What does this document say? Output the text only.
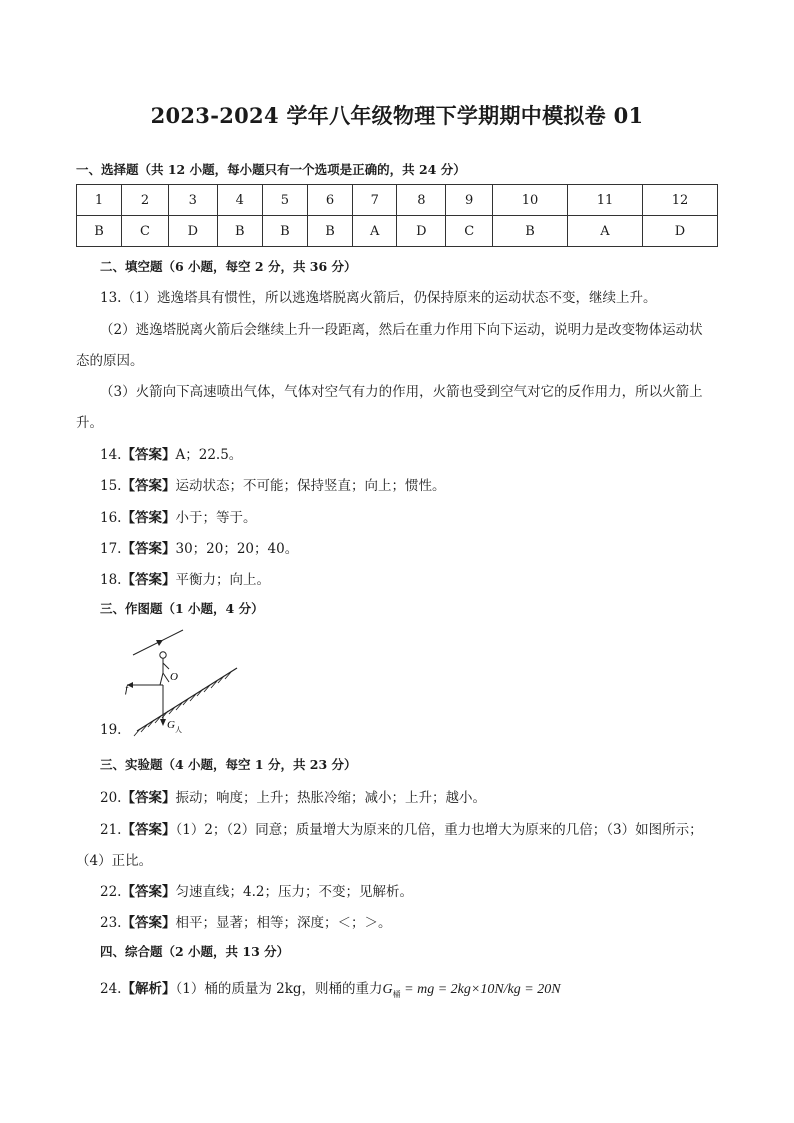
2023-2024 学年八年级物理下学期期中模拟卷 01
一、选择题（共 12 小题，每小题只有一个选项是正确的，共 24 分）
1	2	3	4	5	6	7	8	9	10	11	12
B	C	D	B	B	B	A	D	C	B	A	D
二、填空题（6 小题，每空 2 分，共 36 分）
13.（1）逃逸塔具有惯性，所以逃逸塔脱离火箭后，仍保持原来的运动状态不变，继续上升。
（2）逃逸塔脱离火箭后会继续上升一段距离，然后在重力作用下向下运动，说明力是改变物体运动状
态的原因。
（3）火箭向下高速喷出气体，气体对空气有力的作用，火箭也受到空气对它的反作用力，所以火箭上
升。
14.【答案】A；22.5。
15.【答案】运动状态；不可能；保持竖直；向上；惯性。
16.【答案】小于；等于。
17.【答案】30；20；20；40。
18.【答案】平衡力；向上。
三、作图题（1 小题，4 分）
f
O
G 人
19.
三、实验题（4 小题，每空 1 分，共 23 分）
20.【答案】振动；响度；上升；热胀冷缩；减小；上升；越小。
21.【答案】（1）2；（2）同意；质量增大为原来的几倍，重力也增大为原来的几倍；（3）如图所示；
（4）正比。
22.【答案】匀速直线；4.2；压力；不变；见解析。
23.【答案】相平；显著；相等；深度；＜；＞。
四、综合题（2 小题，共 13 分）
24.【解析】（1）桶的质量为 2kg，则桶的重力$G_桶$ = mg = 2kg×10N/kg = 20N
